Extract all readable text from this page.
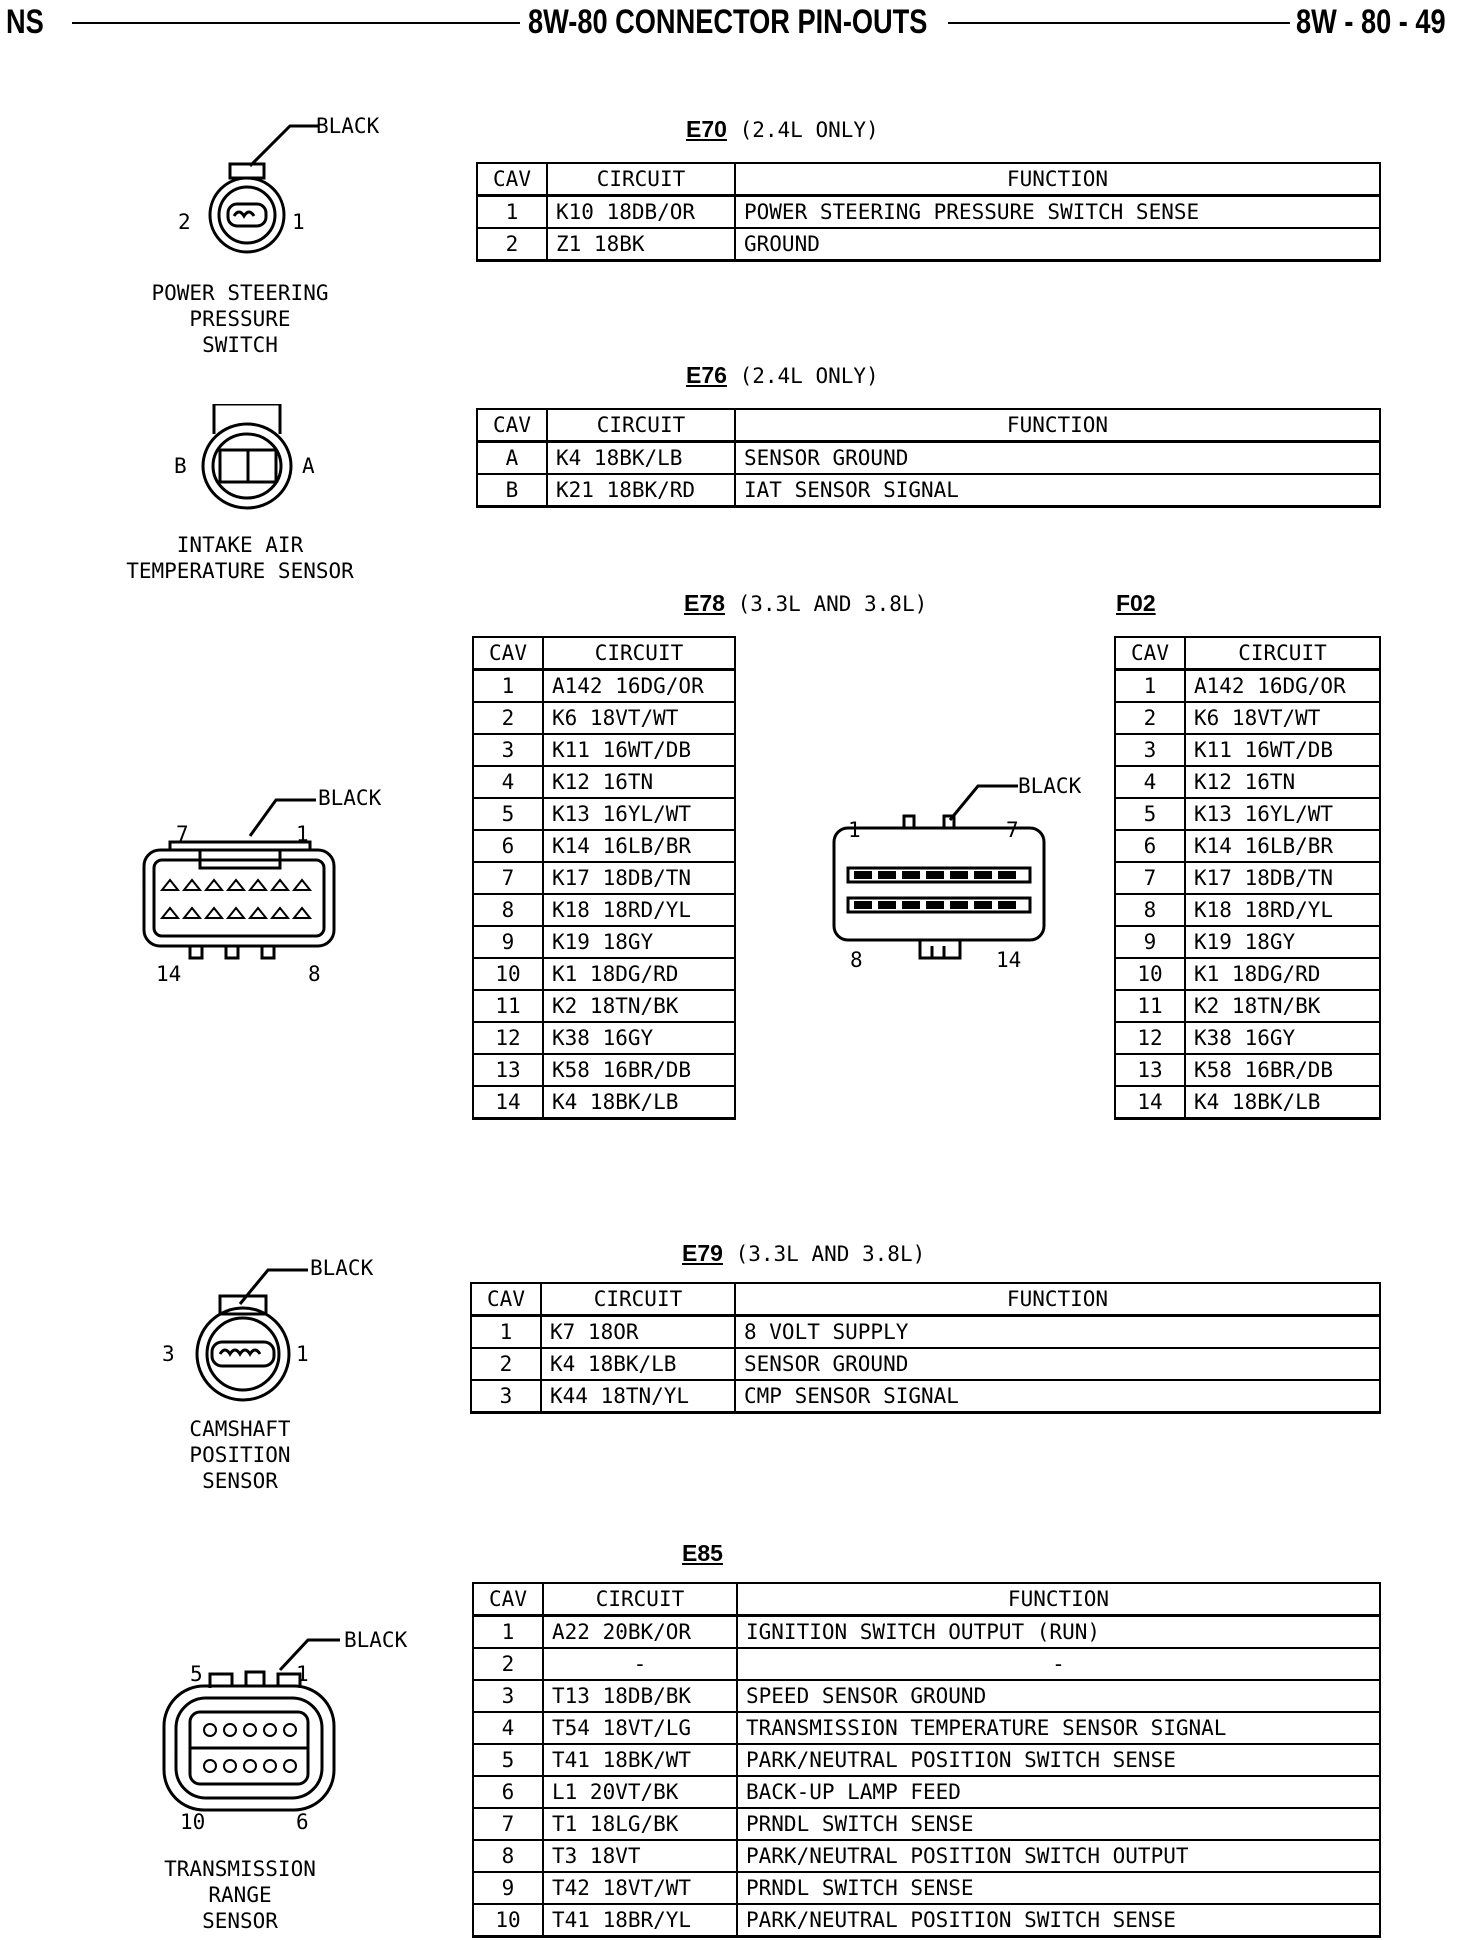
NS	8W-80 CONNECTOR PIN-OUTS	8W - 80 - 49
BLACK
2	1
POWER STEERING
PRESSURE
SWITCH
E70 (2.4L ONLY)
CAV	CIRCUIT	FUNCTION
1	K10 18DB/OR	POWER STEERING PRESSURE SWITCH SENSE
2	Z1 18BK	GROUND
B	A
INTAKE AIR
TEMPERATURE SENSOR
E76 (2.4L ONLY)
CAV	CIRCUIT	FUNCTION
A	K4 18BK/LB	SENSOR GROUND
B	K21 18BK/RD	IAT SENSOR SIGNAL
BLACK
7	1
14	8
E78 (3.3L AND 3.8L)
CAV	CIRCUIT
1	A142 16DG/OR
2	K6 18VT/WT
3	K11 16WT/DB
4	K12 16TN
5	K13 16YL/WT
6	K14 16LB/BR
7	K17 18DB/TN
8	K18 18RD/YL
9	K19 18GY
10	K1 18DG/RD
11	K2 18TN/BK
12	K38 16GY
13	K58 16BR/DB
14	K4 18BK/LB
BLACK
1	7
8	14
F02
CAV	CIRCUIT
1	A142 16DG/OR
2	K6 18VT/WT
3	K11 16WT/DB
4	K12 16TN
5	K13 16YL/WT
6	K14 16LB/BR
7	K17 18DB/TN
8	K18 18RD/YL
9	K19 18GY
10	K1 18DG/RD
11	K2 18TN/BK
12	K38 16GY
13	K58 16BR/DB
14	K4 18BK/LB
BLACK
3	1
CAMSHAFT
POSITION
SENSOR
E79 (3.3L AND 3.8L)
CAV	CIRCUIT	FUNCTION
1	K7 18OR	8 VOLT SUPPLY
2	K4 18BK/LB	SENSOR GROUND
3	K44 18TN/YL	CMP SENSOR SIGNAL
BLACK
5	1
10	6
TRANSMISSION
RANGE
SENSOR
E85
CAV	CIRCUIT	FUNCTION
1	A22 20BK/OR	IGNITION SWITCH OUTPUT (RUN)
2	-	-
3	T13 18DB/BK	SPEED SENSOR GROUND
4	T54 18VT/LG	TRANSMISSION TEMPERATURE SENSOR SIGNAL
5	T41 18BK/WT	PARK/NEUTRAL POSITION SWITCH SENSE
6	L1 20VT/BK	BACK-UP LAMP FEED
7	T1 18LG/BK	PRNDL SWITCH SENSE
8	T3 18VT	PARK/NEUTRAL POSITION SWITCH OUTPUT
9	T42 18VT/WT	PRNDL SWITCH SENSE
10	T41 18BR/YL	PARK/NEUTRAL POSITION SWITCH SENSE
